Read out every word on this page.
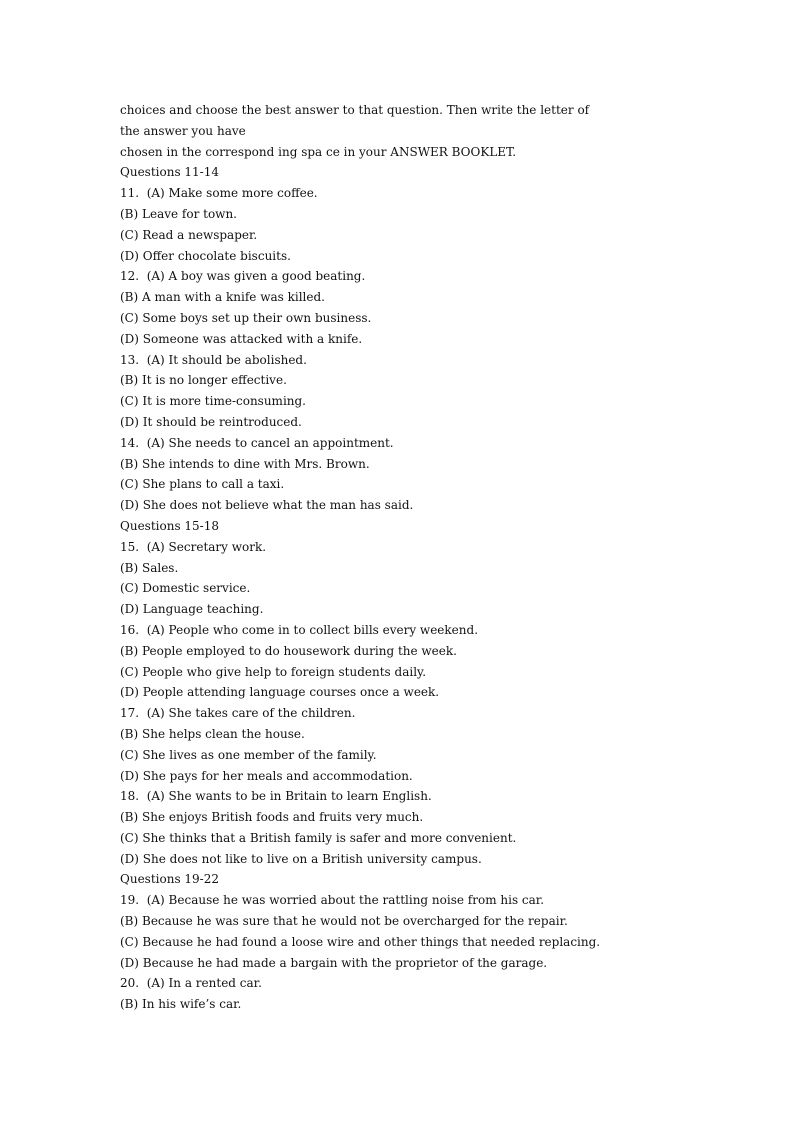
choices and choose the best answer to that question. Then write the letter of
the answer you have
chosen in the correspond ing spa ce in your ANSWER BOOKLET.
Questions 11-14
11.  (A) Make some more coffee.
(B) Leave for town.
(C) Read a newspaper.
(D) Offer chocolate biscuits.
12.  (A) A boy was given a good beating.
(B) A man with a knife was killed.
(C) Some boys set up their own business.
(D) Someone was attacked with a knife.
13.  (A) It should be abolished.
(B) It is no longer effective.
(C) It is more time-consuming.
(D) It should be reintroduced.
14.  (A) She needs to cancel an appointment.
(B) She intends to dine with Mrs. Brown.
(C) She plans to call a taxi.
(D) She does not believe what the man has said.
Questions 15-18
15.  (A) Secretary work.
(B) Sales.
(C) Domestic service.
(D) Language teaching.
16.  (A) People who come in to collect bills every weekend.
(B) People employed to do housework during the week.
(C) People who give help to foreign students daily.
(D) People attending language courses once a week.
17.  (A) She takes care of the children.
(B) She helps clean the house.
(C) She lives as one member of the family.
(D) She pays for her meals and accommodation.
18.  (A) She wants to be in Britain to learn English.
(B) She enjoys British foods and fruits very much.
(C) She thinks that a British family is safer and more convenient.
(D) She does not like to live on a British university campus.
Questions 19-22
19.  (A) Because he was worried about the rattling noise from his car.
(B) Because he was sure that he would not be overcharged for the repair.
(C) Because he had found a loose wire and other things that needed replacing.
(D) Because he had made a bargain with the proprietor of the garage.
20.  (A) In a rented car.
(B) In his wife’s car.
